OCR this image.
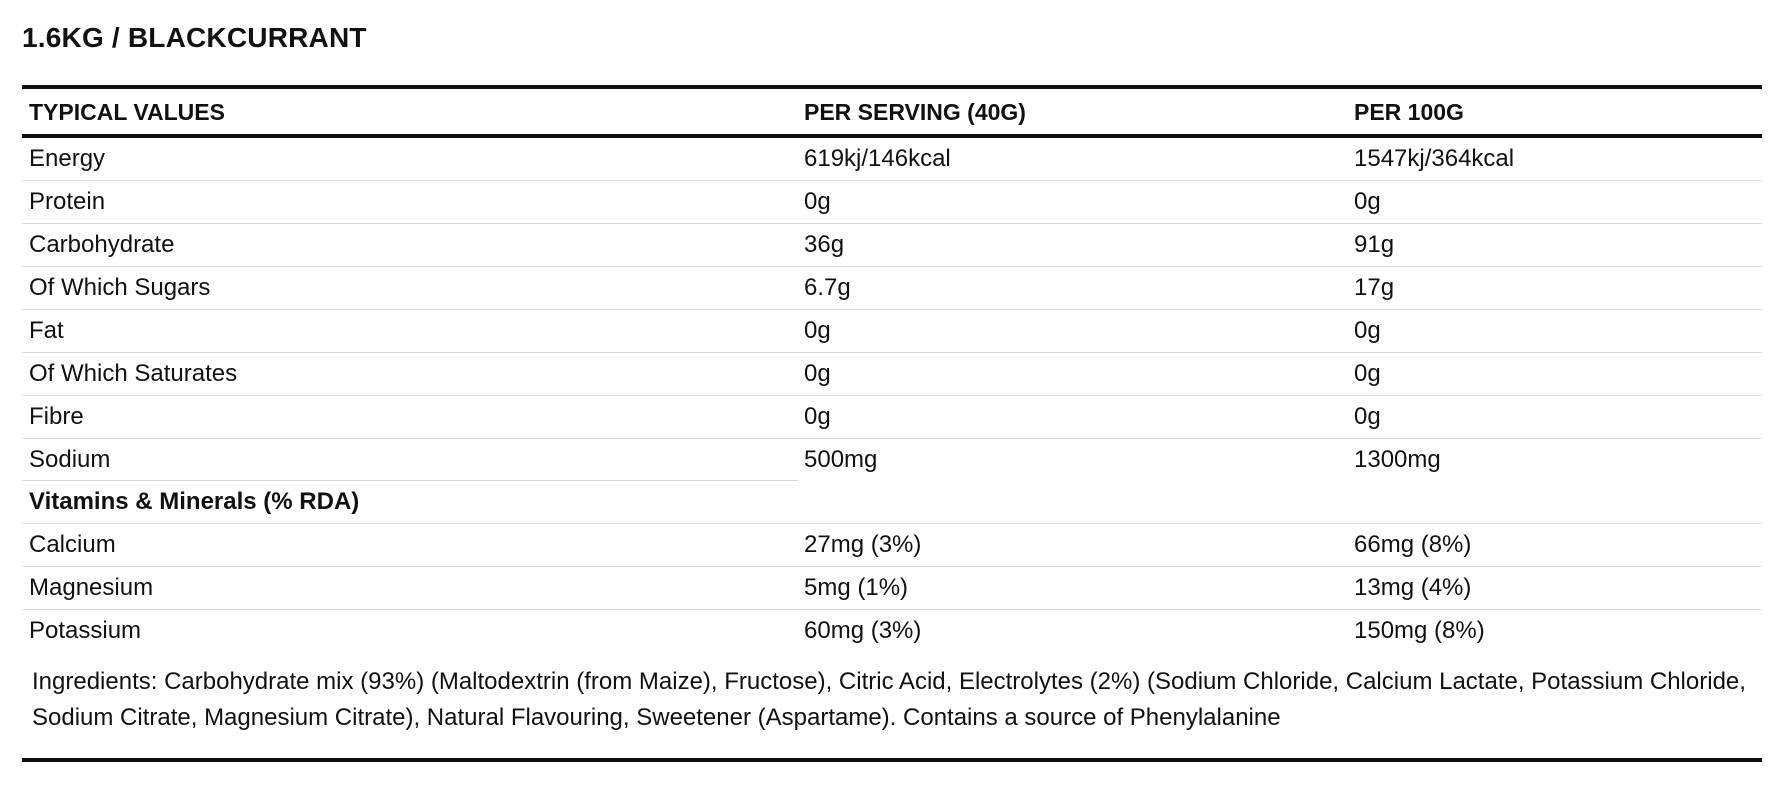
1.6KG / BLACKCURRANT
TYPICAL VALUES	PER SERVING (40G)	PER 100G
Energy	619kj/146kcal	1547kj/364kcal
Protein	0g	0g
Carbohydrate	36g	91g
Of Which Sugars	6.7g	17g
Fat	0g	0g
Of Which Saturates	0g	0g
Fibre	0g	0g
Sodium	500mg	1300mg
Vitamins & Minerals (% RDA)
Calcium	27mg (3%)	66mg (8%)
Magnesium	5mg (1%)	13mg (4%)
Potassium	60mg (3%)	150mg (8%)
Ingredients: Carbohydrate mix (93%) (Maltodextrin (from Maize), Fructose), Citric Acid, Electrolytes (2%) (Sodium Chloride, Calcium Lactate, Potassium Chloride, Sodium Citrate, Magnesium Citrate), Natural Flavouring, Sweetener (Aspartame). Contains a source of Phenylalanine
